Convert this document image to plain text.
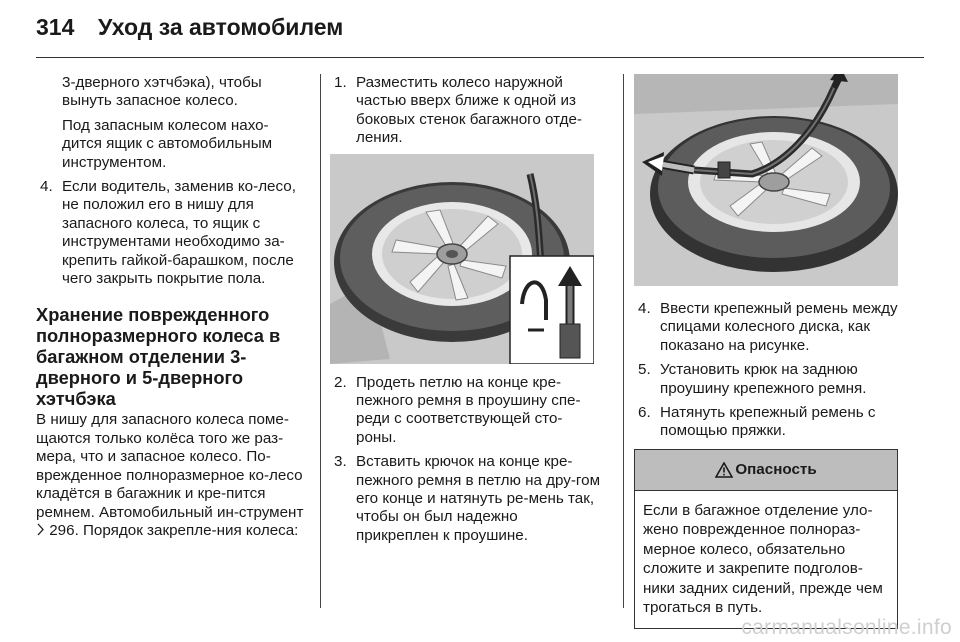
314	Уход за автомобилем

3-дверного хэтчбэка), чтобы вынуть запасное колесо.

Под запасным колесом нахо-дится ящик с автомобильным инструментом.

4. Если водитель, заменив ко-лесо, не положил его в нишу для запасного колеса, то ящик с инструментами необходимо за-крепить гайкой-барашком, после чего закрыть покрытие пола.
Хранение поврежденного полноразмерного колеса в багажном отделении 3-дверного и 5-дверного хэтчбэка

В нишу для запасного колеса поме-щаются только колёса того же раз-мера, что и запасное колесо. По-врежденное полноразмерное ко-лесо кладётся в багажник и кре-пится ремнем. Автомобильный ин-струмент  296. Порядок закрепле-ния колеса:

1. Разместить колесо наружной частью вверх ближе к одной из боковых стенок багажного отде-ления.
2. Продеть петлю на конце кре-пежного ремня в проушину спе-реди с соответствующей сто-роны.
3. Вставить крючок на конце кре-пежного ремня в петлю на дру-гом его конце и натянуть ре-мень так, чтобы он был надежно прикреплен к проушине.
4. Ввести крепежный ремень между спицами колесного диска, как показано на рисунке.
5. Установить крюк на заднюю проушину крепежного ремня.
6. Натянуть крепежный ремень с помощью пряжки.
Опасность
Если в багажное отделение уло-жено поврежденное полнораз-мерное колесо, обязательно сложите и закрепите подголов-ники задних сидений, прежде чем трогаться в путь.
carmanualsonline.info
